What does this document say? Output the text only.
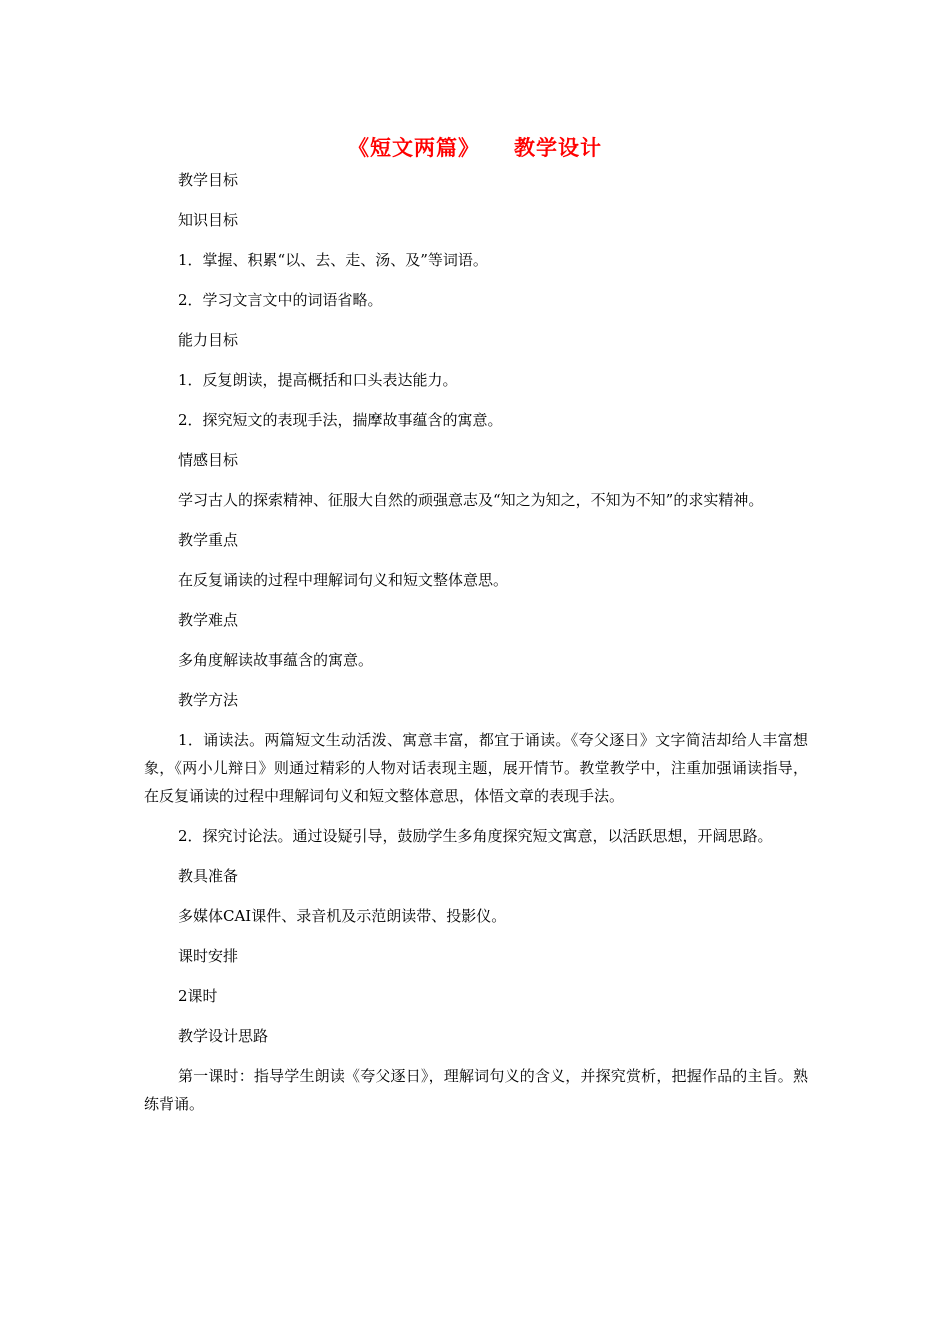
《短文两篇》 教学设计

教学目标

知识目标

1．掌握、积累“以、去、走、汤、及”等词语。

2．学习文言文中的词语省略。

能力目标

1．反复朗读，提高概括和口头表达能力。

2．探究短文的表现手法，揣摩故事蕴含的寓意。

情感目标

学习古人的探索精神、征服大自然的顽强意志及“知之为知之，不知为不知”的求实精神。

教学重点

在反复诵读的过程中理解词句义和短文整体意思。

教学难点

多角度解读故事蕴含的寓意。

教学方法

1．诵读法。两篇短文生动活泼、寓意丰富，都宜于诵读。《夸父逐日》文字简洁却给人丰富想象，《两小儿辩日》则通过精彩的人物对话表现主题，展开情节。教堂教学中，注重加强诵读指导，在反复诵读的过程中理解词句义和短文整体意思，体悟文章的表现手法。

2．探究讨论法。通过设疑引导，鼓励学生多角度探究短文寓意，以活跃思想，开阔思路。

教具准备

多媒体CAI课件、录音机及示范朗读带、投影仪。

课时安排

2课时

教学设计思路

第一课时：指导学生朗读《夸父逐日》，理解词句义的含义，并探究赏析，把握作品的主旨。熟练背诵。
